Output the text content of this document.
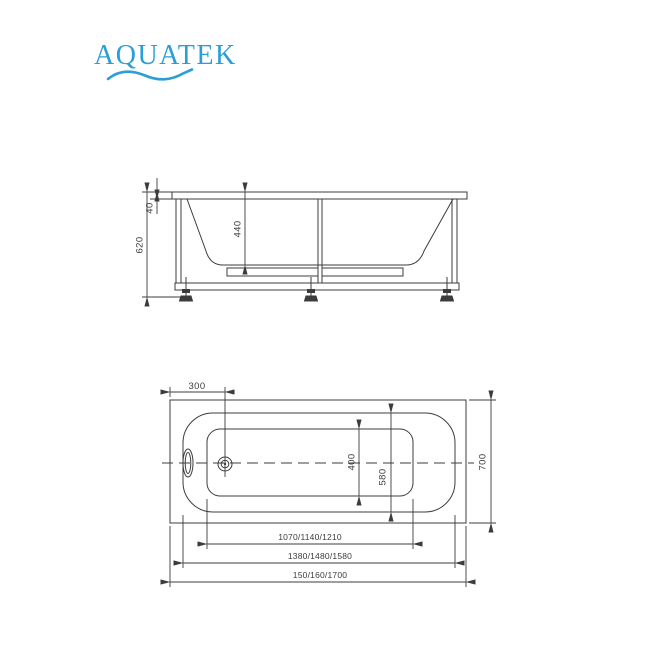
AQUATEK
620
40
440
300
400
580
700
1070/1140/1210
1380/1480/1580
150/160/1700
